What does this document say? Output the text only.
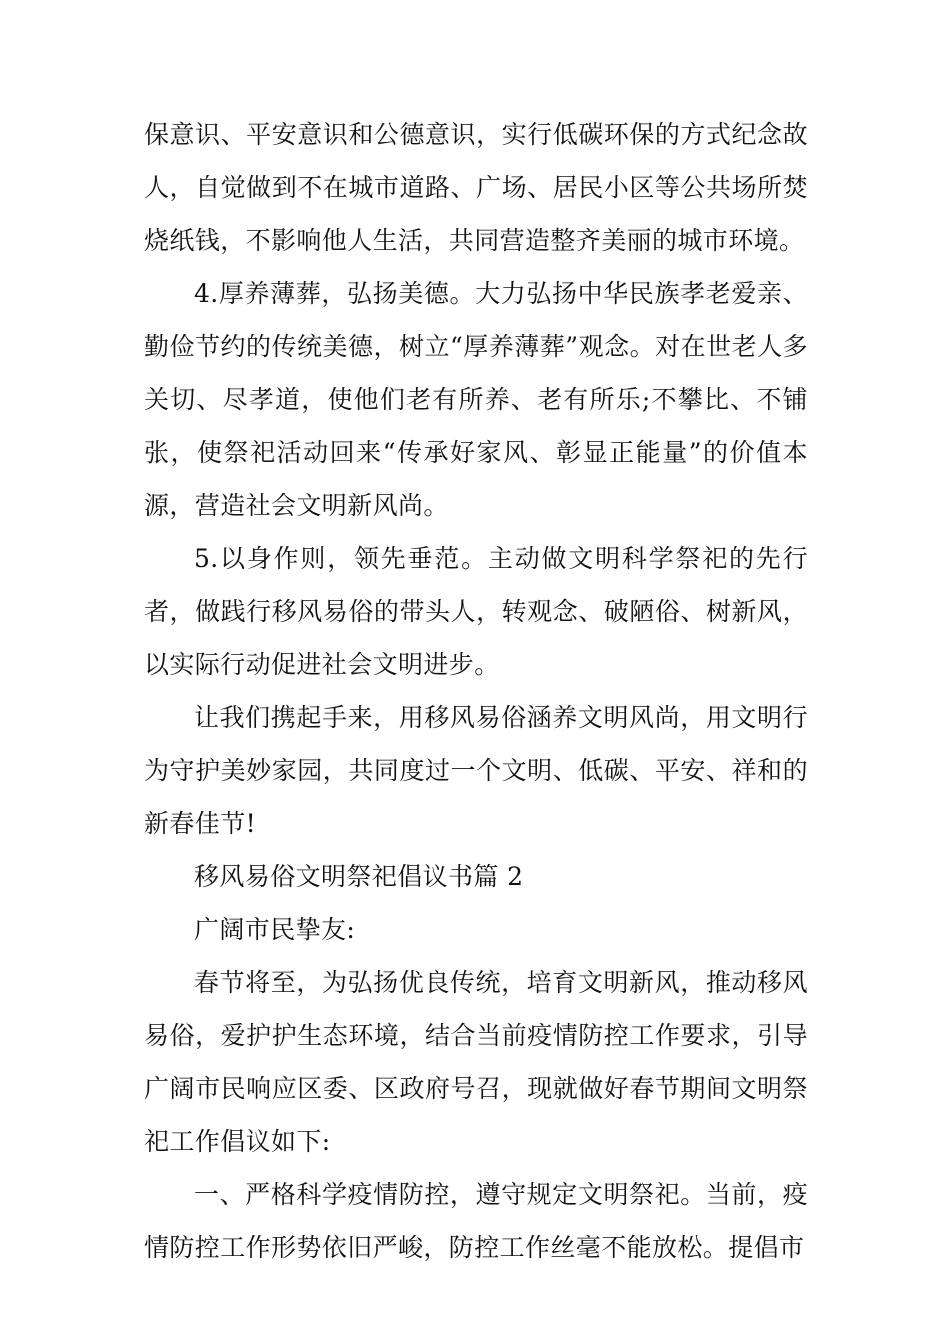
保意识、平安意识和公德意识，实行低碳环保的方式纪念故人，自觉做到不在城市道路、广场、居民小区等公共场所焚烧纸钱，不影响他人生活，共同营造整齐美丽的城市环境。

4.厚养薄葬，弘扬美德。大力弘扬中华民族孝老爱亲、勤俭节约的传统美德，树立“厚养薄葬”观念。对在世老人多关切、尽孝道，使他们老有所养、老有所乐;不攀比、不铺张，使祭祀活动回来“传承好家风、彰显正能量”的价值本源，营造社会文明新风尚。

5.以身作则，领先垂范。主动做文明科学祭祀的先行者，做践行移风易俗的带头人，转观念、破陋俗、树新风，以实际行动促进社会文明进步。

让我们携起手来，用移风易俗涵养文明风尚，用文明行为守护美妙家园，共同度过一个文明、低碳、平安、祥和的新春佳节!

移风易俗文明祭祀倡议书篇 2

广阔市民挚友:

春节将至，为弘扬优良传统，培育文明新风，推动移风易俗，爱护护生态环境，结合当前疫情防控工作要求，引导广阔市民响应区委、区政府号召，现就做好春节期间文明祭祀工作倡议如下:

一、严格科学疫情防控，遵守规定文明祭祀。当前，疫情防控工作形势依旧严峻，防控工作丝毫不能放松。提倡市
